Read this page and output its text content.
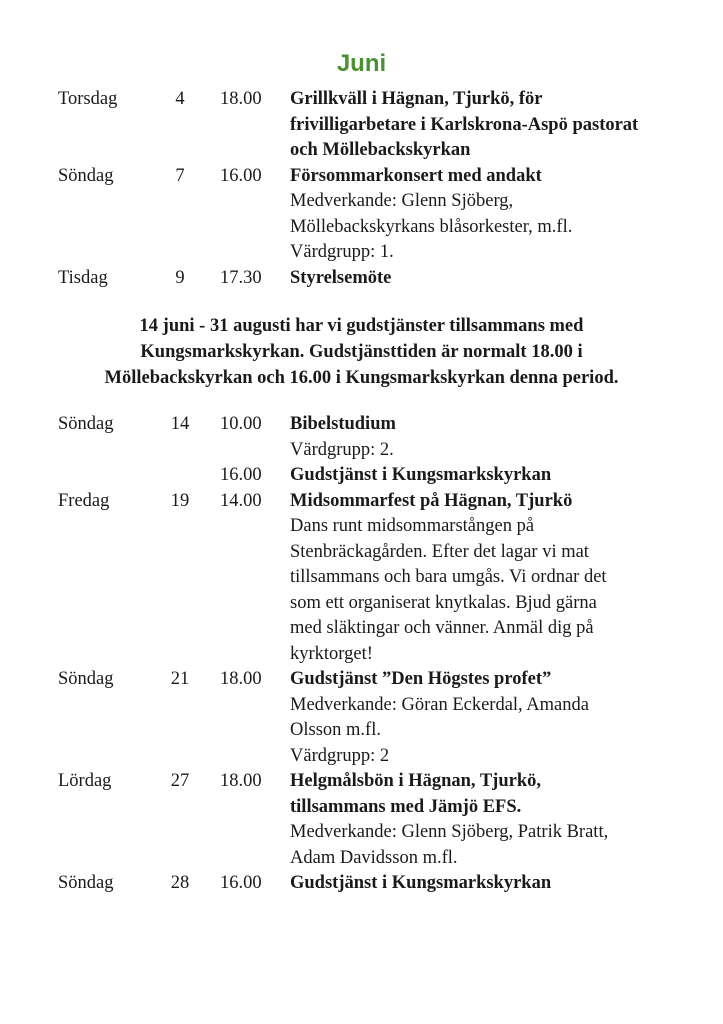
Juni
Torsdag	4	18.00 Grillkväll i Hägnan, Tjurkö, för
frivilligarbetare i Karlskrona-Aspö pastorat
och Möllebackskyrkan
Söndag	7	16.00 Försommarkonsert med andakt
Medverkande: Glenn Sjöberg,
Möllebackskyrkans blåsorkester, m.fl.
Värdgrupp: 1.
Tisdag	9	17.30 Styrelsemöte
14 juni - 31 augusti har vi gudstjänster tillsammans med
Kungsmarkskyrkan. Gudstjänsttiden är normalt 18.00 i
Möllebackskyrkan och 16.00 i Kungsmarkskyrkan denna period.
Söndag	14 10.00 Bibelstudium
Värdgrupp: 2.
16.00 Gudstjänst i Kungsmarkskyrkan
Fredag	19 14.00 Midsommarfest på Hägnan, Tjurkö
Dans runt midsommarstången på
Stenbräckagården. Efter det lagar vi mat
tillsammans och bara umgås. Vi ordnar det
som ett organiserat knytkalas. Bjud gärna
med släktingar och vänner. Anmäl dig på
kyrktorget!
Söndag	21 18.00 Gudstjänst ”Den Högstes profet”
Medverkande: Göran Eckerdal, Amanda
Olsson m.fl.
Värdgrupp: 2
Lördag	27 18.00 Helgmålsbön i Hägnan, Tjurkö,
tillsammans med Jämjö EFS.
Medverkande: Glenn Sjöberg, Patrik Bratt,
Adam Davidsson m.fl.
Söndag	28 16.00 Gudstjänst i Kungsmarkskyrkan
